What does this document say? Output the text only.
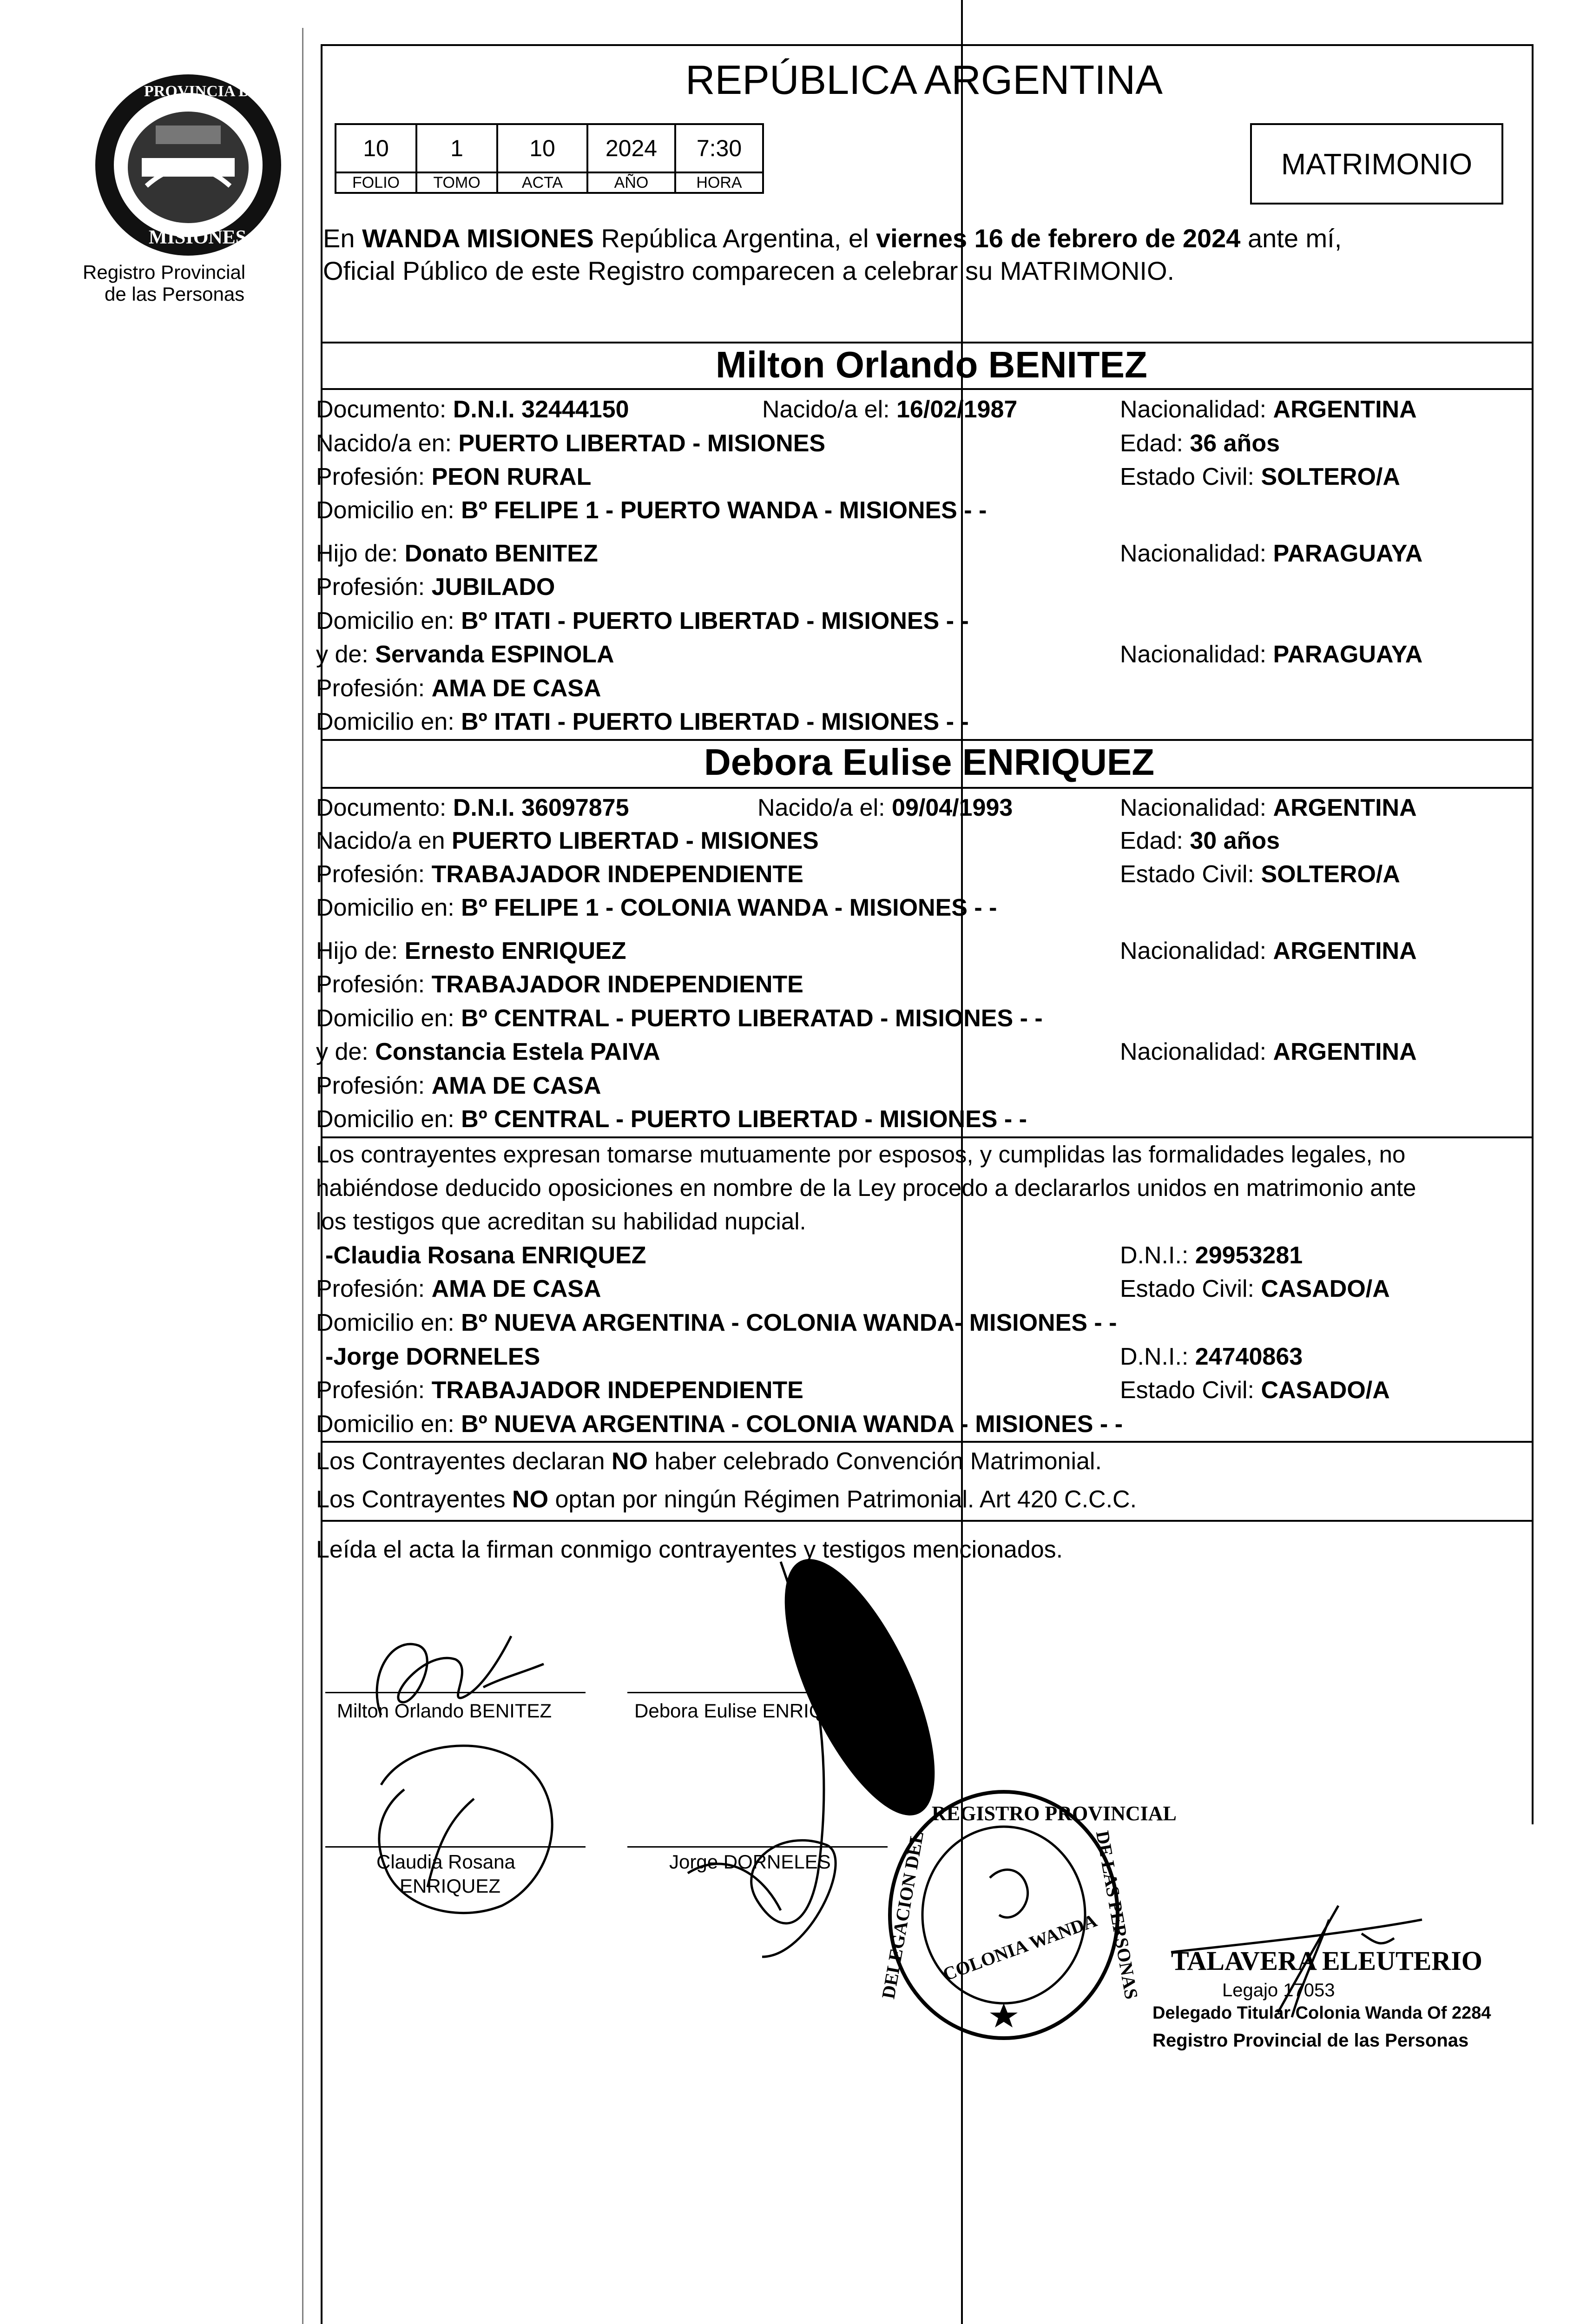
PROVINCIA DE
MISIONES
Registro Provincial
de las Personas
REPÚBLICA ARGENTINA
10	1	10	2024	7:30
FOLIO	TOMO	ACTA	AÑO	HORA
MATRIMONIO
En WANDA MISIONES República Argentina, el viernes 16 de febrero de 2024 ante mí,
Oficial Público de este Registro comparecen a celebrar su MATRIMONIO.
Milton Orlando BENITEZ
Documento: D.N.I. 32444150	Nacido/a el: 16/02/1987	Nacionalidad: ARGENTINA
Nacido/a en: PUERTO LIBERTAD - MISIONES	Edad: 36 años
Profesión: PEON RURAL	Estado Civil: SOLTERO/A
Domicilio en: Bº FELIPE 1 - PUERTO WANDA - MISIONES - -
Hijo de: Donato BENITEZ	Nacionalidad: PARAGUAYA
Profesión: JUBILADO
Domicilio en: Bº ITATI - PUERTO LIBERTAD - MISIONES - -
y de: Servanda ESPINOLA	Nacionalidad: PARAGUAYA
Profesión: AMA DE CASA
Domicilio en: Bº ITATI - PUERTO LIBERTAD - MISIONES - -
Debora Eulise ENRIQUEZ
Documento: D.N.I. 36097875	Nacido/a el: 09/04/1993	Nacionalidad: ARGENTINA
Nacido/a en PUERTO LIBERTAD - MISIONES	Edad: 30 años
Profesión: TRABAJADOR INDEPENDIENTE	Estado Civil: SOLTERO/A
Domicilio en: Bº FELIPE 1 - COLONIA WANDA - MISIONES - -
Hijo de: Ernesto ENRIQUEZ	Nacionalidad: ARGENTINA
Profesión: TRABAJADOR INDEPENDIENTE
Domicilio en: Bº CENTRAL - PUERTO LIBERATAD - MISIONES - -
y de: Constancia Estela PAIVA	Nacionalidad: ARGENTINA
Profesión: AMA DE CASA
Domicilio en: Bº CENTRAL - PUERTO LIBERTAD - MISIONES - -
Los contrayentes expresan tomarse mutuamente por esposos, y cumplidas las formalidades legales, no
habiéndose deducido oposiciones en nombre de la Ley procedo a declararlos unidos en matrimonio ante
los testigos que acreditan su habilidad nupcial.
-Claudia Rosana ENRIQUEZ	D.N.I.: 29953281
Profesión: AMA DE CASA	Estado Civil: CASADO/A
Domicilio en: Bº NUEVA ARGENTINA - COLONIA WANDA- MISIONES - -
-Jorge DORNELES	D.N.I.: 24740863
Profesión: TRABAJADOR INDEPENDIENTE	Estado Civil: CASADO/A
Domicilio en: Bº NUEVA ARGENTINA - COLONIA WANDA - MISIONES - -
Los Contrayentes declaran NO haber celebrado Convención Matrimonial.
Los Contrayentes NO optan por ningún Régimen Patrimonial. Art 420 C.C.C.
Leída el acta la firman conmigo contrayentes y testigos mencionados.
Milton Orlando BENITEZ	Debora Eulise ENRIQUEZ
Claudia Rosana
ENRIQUEZ
Jorge DORNELES
REGISTRO PROVINCIAL
DELEGACION DEL	DE LAS PERSONAS
COLONIA WANDA	TALAVERA ELEUTERIO
Legajo 17053
Delegado Titular Colonia Wanda Of 2284
Registro Provincial de las Personas
